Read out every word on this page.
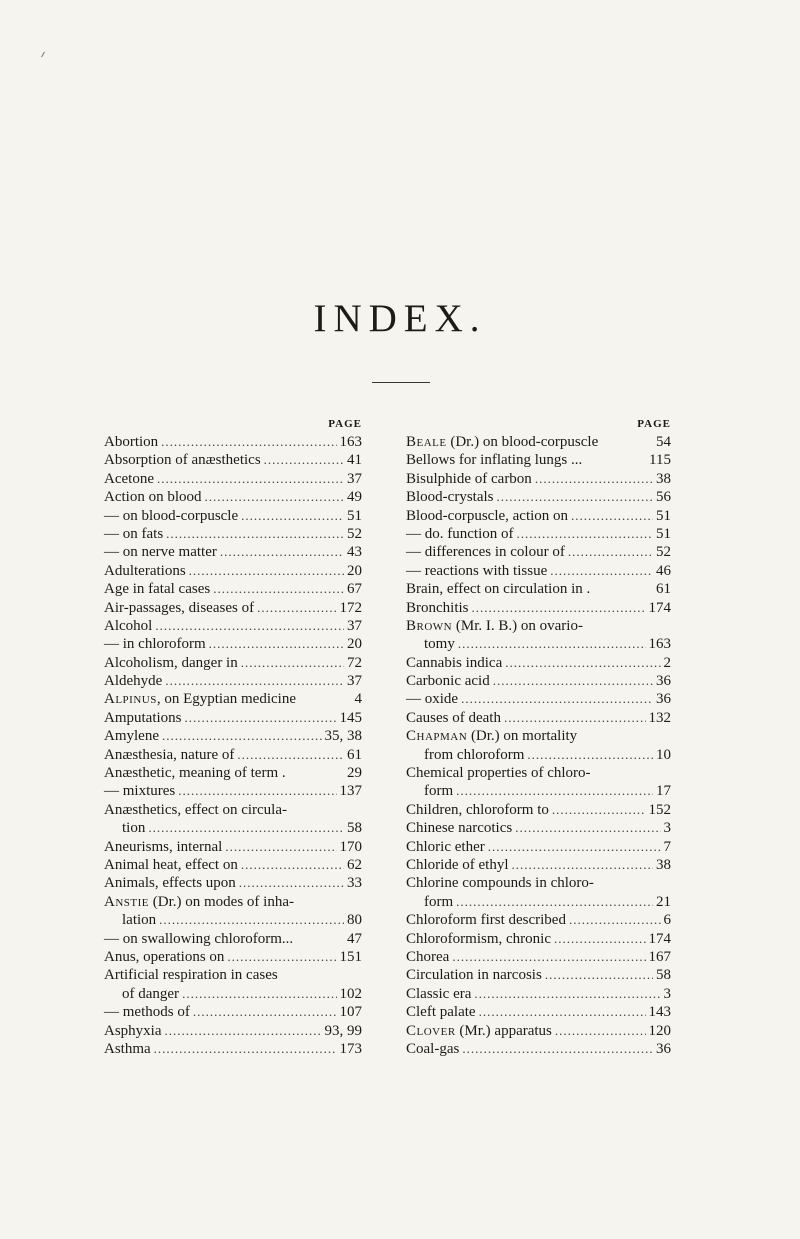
INDEX.
PAGE
Abortion .....	163
Absorption of anæsthetics .....	41
Acetone .....	37
Action on blood .....	49
— on blood-corpuscle .....	51
— on fats .....	52
— on nerve matter .....	43
Adulterations .....	20
Age in fatal cases .....	67
Air-passages, diseases of .....	172
Alcohol .....	37
— in chloroform .....	20
Alcoholism, danger in .....	72
Aldehyde .....	37
Alpinus, on Egyptian medicine	4
Amputations .....	145
Amylene .....	35, 38
Anæsthesia, nature of .....	61
Anæsthetic, meaning of term .	29
— mixtures .....	137
Anæsthetics, effect on circula-
tion .....	58
Aneurisms, internal .....	170
Animal heat, effect on .....	62
Animals, effects upon .....	33
Anstie (Dr.) on modes of inha-
lation .....	80
— on swallowing chloroform...	47
Anus, operations on .....	151
Artificial respiration in cases
of danger .....	102
— methods of .....	107
Asphyxia .....	93, 99
Asthma .....	173
PAGE
Beale (Dr.) on blood-corpuscle	54
Bellows for inflating lungs ...	115
Bisulphide of carbon .....	38
Blood-crystals .....	56
Blood-corpuscle, action on .....	51
— do. function of .....	51
— differences in colour of .....	52
— reactions with tissue .....	46
Brain, effect on circulation in .	61
Bronchitis .....	174
Brown (Mr. I. B.) on ovario-
tomy .....	163
Cannabis indica .....	2
Carbonic acid .....	36
— oxide .....	36
Causes of death .....	132
Chapman (Dr.) on mortality
from chloroform .....	10
Chemical properties of chloro-
form .....	17
Children, chloroform to .....	152
Chinese narcotics .....	3
Chloric ether .....	7
Chloride of ethyl .....	38
Chlorine compounds in chloro-
form .....	21
Chloroform first described .....	6
Chloroformism, chronic .....	174
Chorea .....	167
Circulation in narcosis .....	58
Classic era .....	3
Cleft palate .....	143
Clover (Mr.) apparatus .....	120
Coal-gas .....	36
